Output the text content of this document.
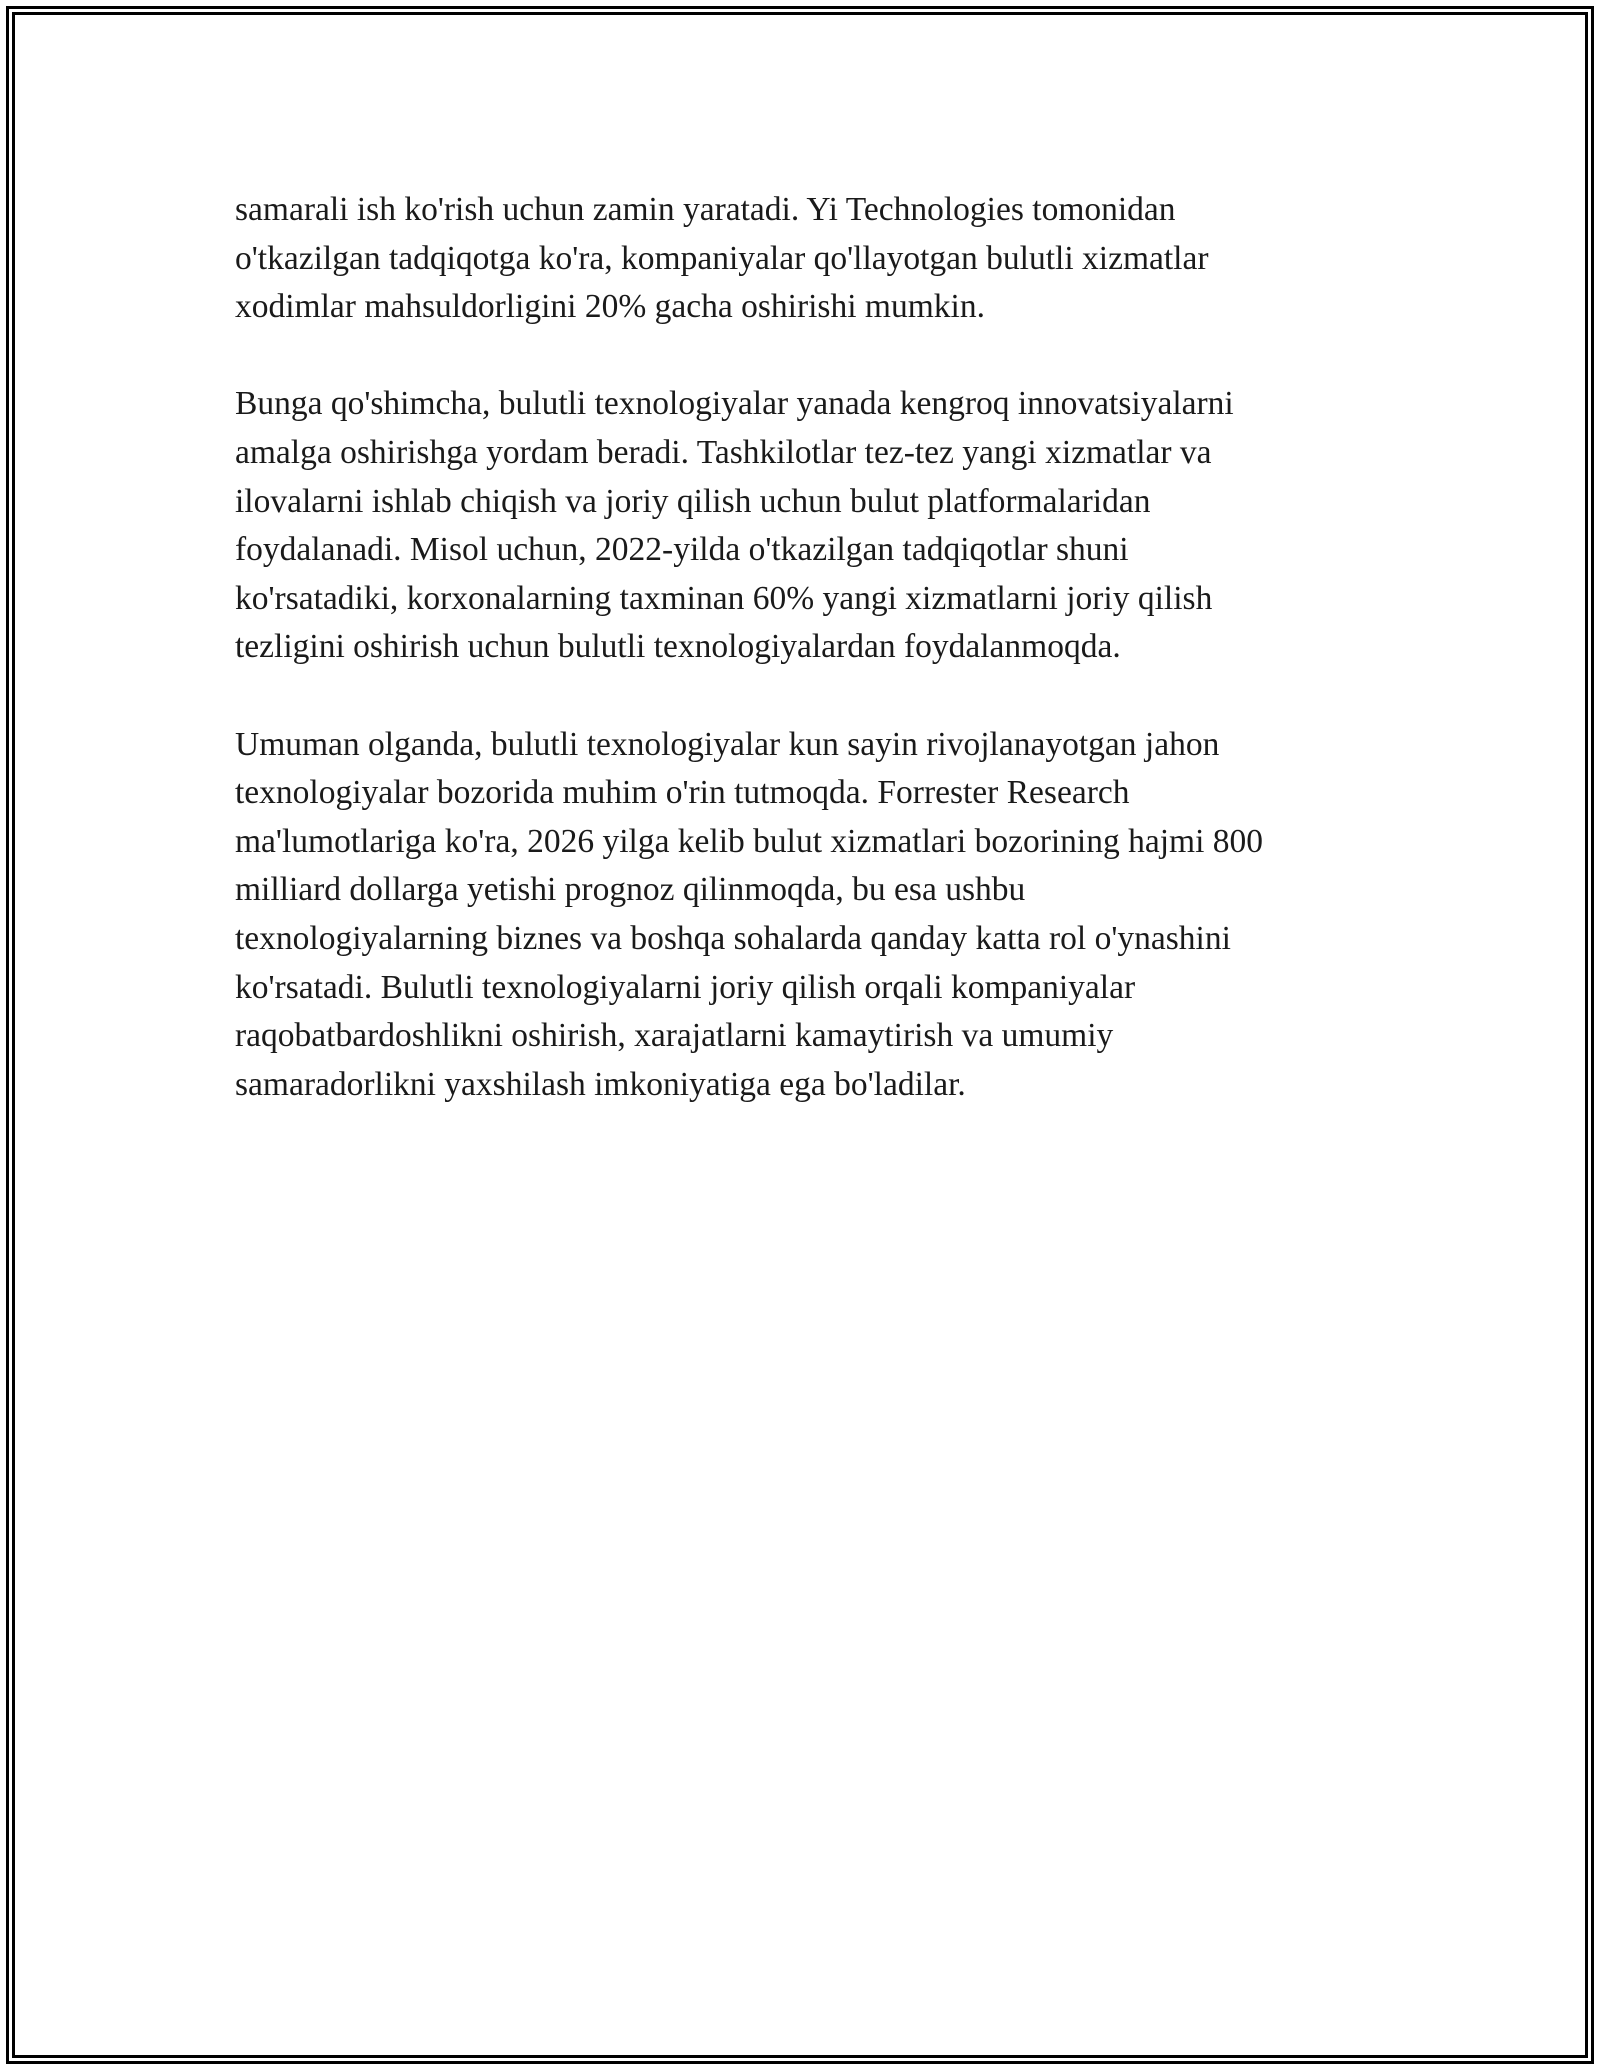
samarali ish ko'rish uchun zamin yaratadi. Yi Technologies tomonidan
o'tkazilgan tadqiqotga ko'ra, kompaniyalar qo'llayotgan bulutli xizmatlar
xodimlar mahsuldorligini 20% gacha oshirishi mumkin.

Bunga qo'shimcha, bulutli texnologiyalar yanada kengroq innovatsiyalarni
amalga oshirishga yordam beradi. Tashkilotlar tez-tez yangi xizmatlar va
ilovalarni ishlab chiqish va joriy qilish uchun bulut platformalaridan
foydalanadi. Misol uchun, 2022-yilda o'tkazilgan tadqiqotlar shuni
ko'rsatadiki, korxonalarning taxminan 60% yangi xizmatlarni joriy qilish
tezligini oshirish uchun bulutli texnologiyalardan foydalanmoqda.

Umuman olganda, bulutli texnologiyalar kun sayin rivojlanayotgan jahon
texnologiyalar bozorida muhim o'rin tutmoqda. Forrester Research
ma'lumotlariga ko'ra, 2026 yilga kelib bulut xizmatlari bozorining hajmi 800
milliard dollarga yetishi prognoz qilinmoqda, bu esa ushbu
texnologiyalarning biznes va boshqa sohalarda qanday katta rol o'ynashini
ko'rsatadi. Bulutli texnologiyalarni joriy qilish orqali kompaniyalar
raqobatbardoshlikni oshirish, xarajatlarni kamaytirish va umumiy
samaradorlikni yaxshilash imkoniyatiga ega bo'ladilar.
